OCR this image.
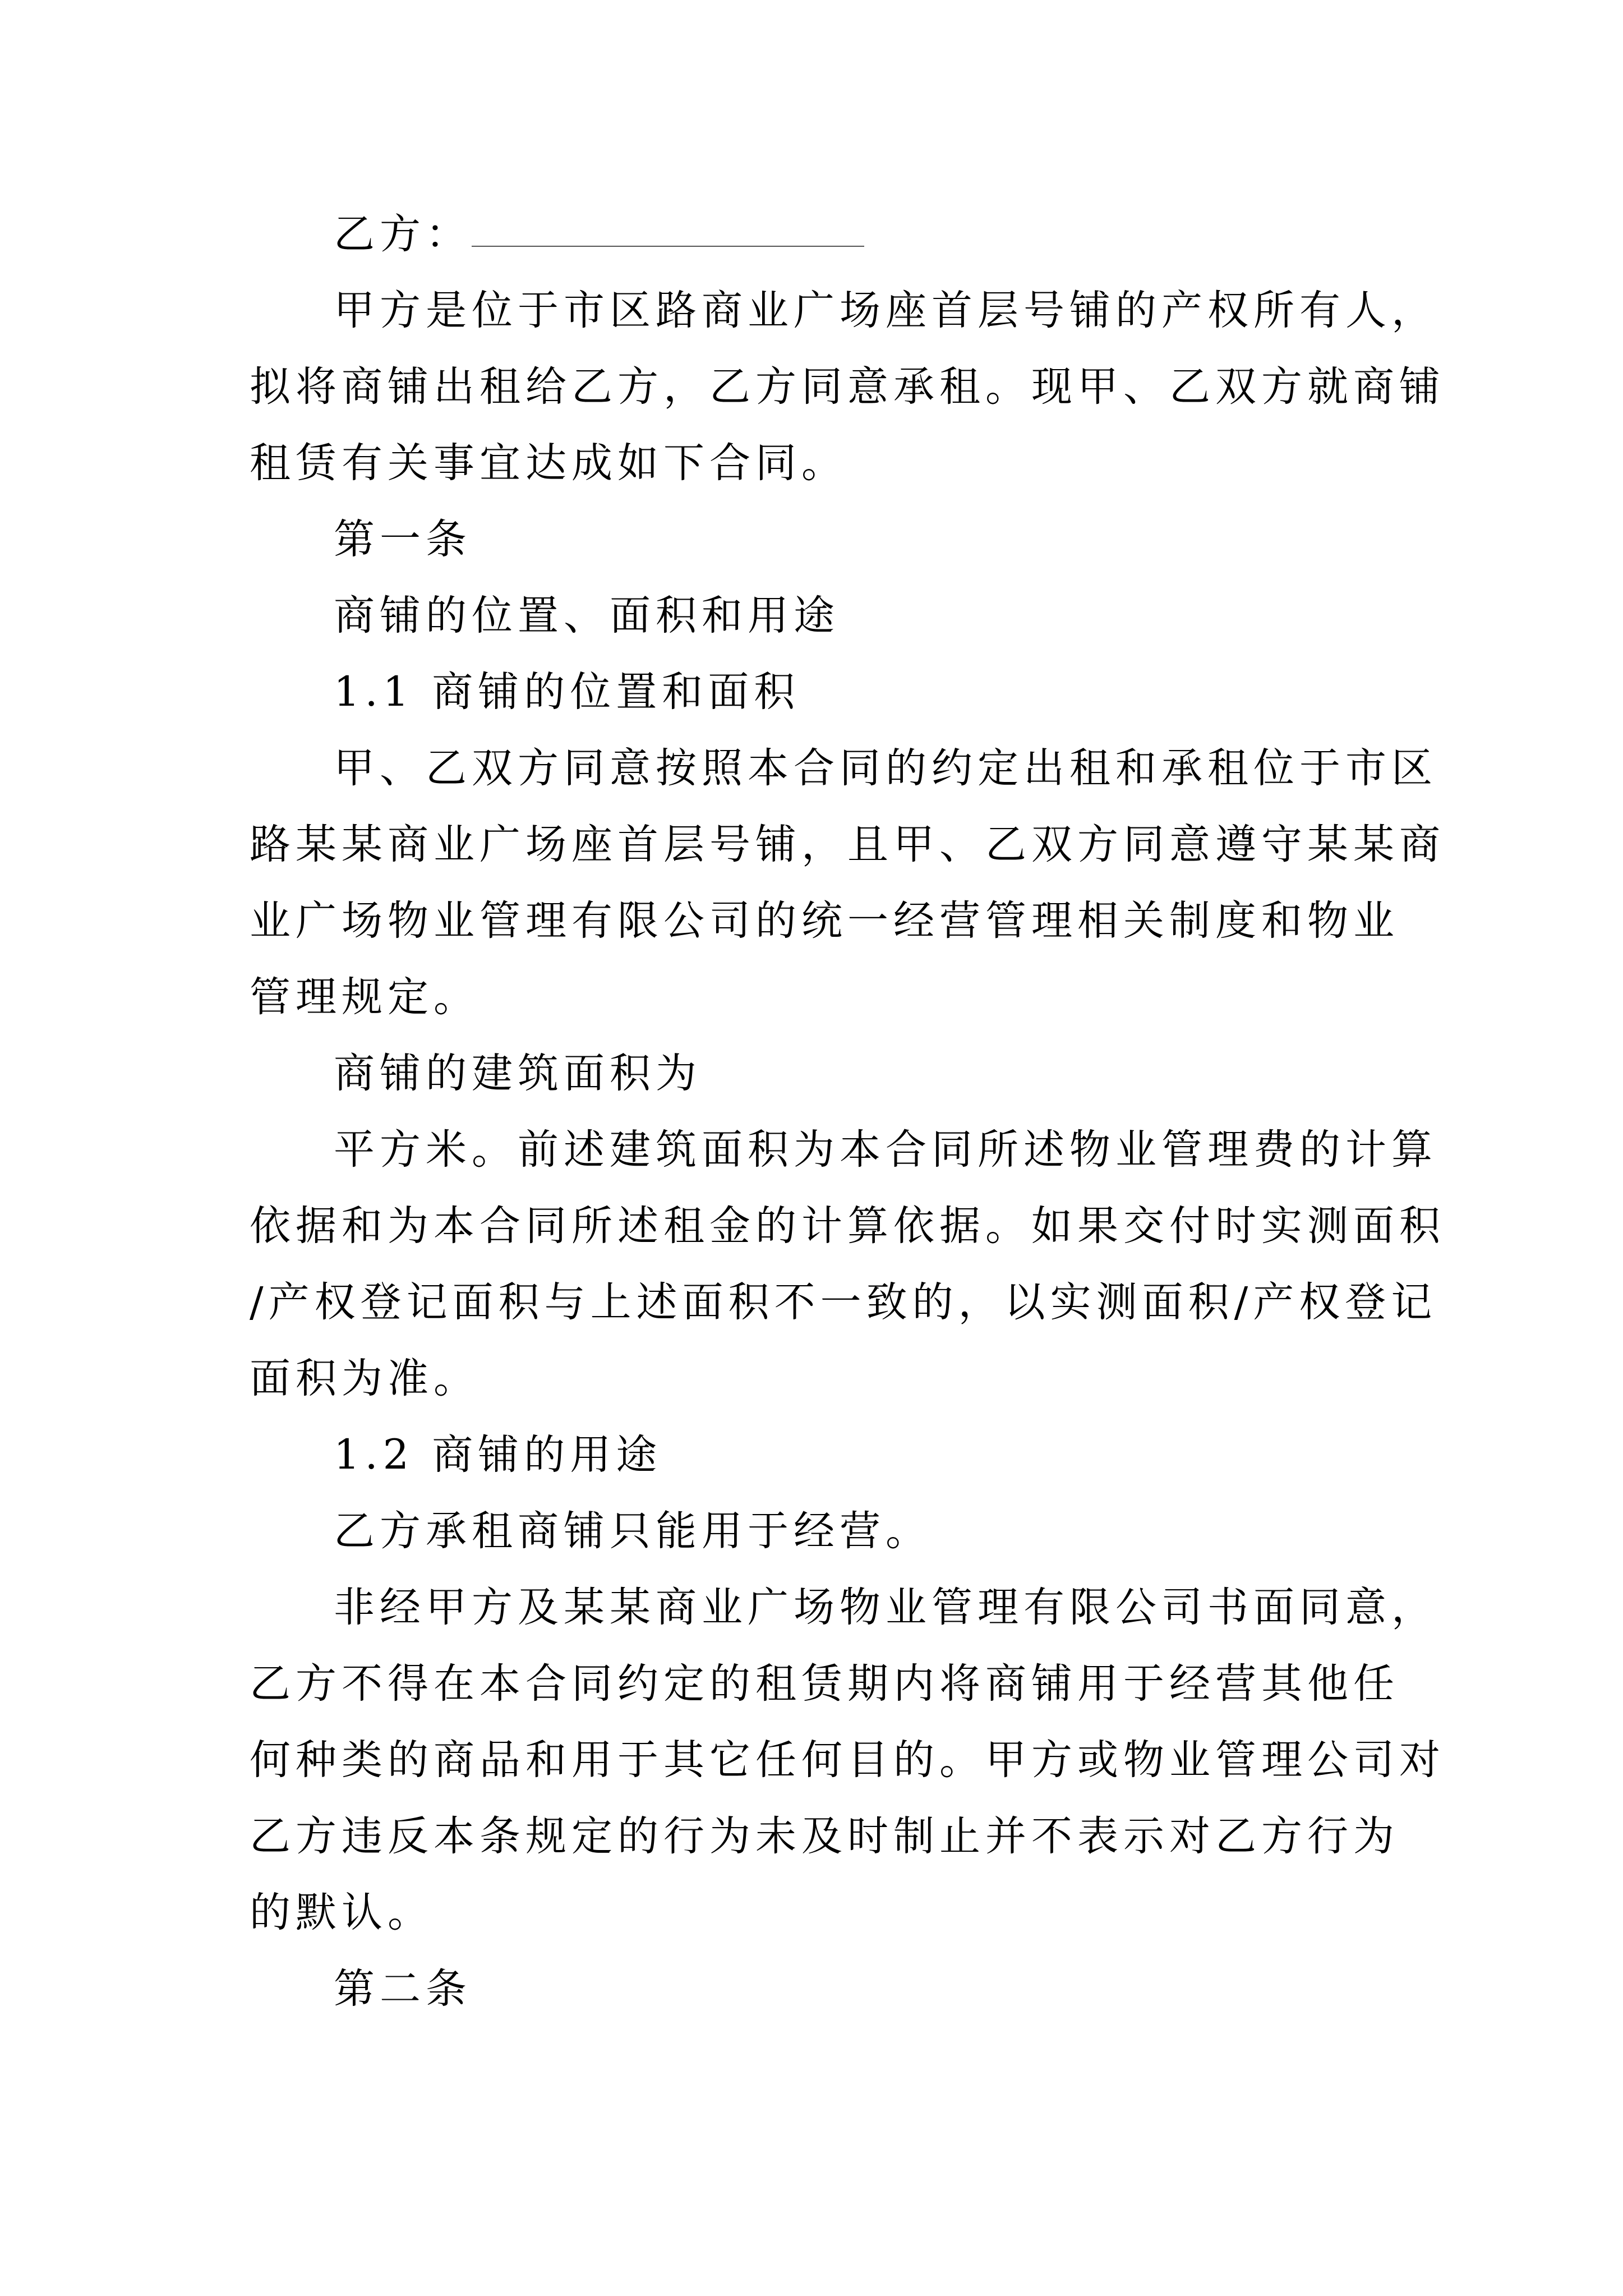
乙方：

甲方是位于市区路商业广场座首层号铺的产权所有人，

拟将商铺出租给乙方，乙方同意承租。现甲、乙双方就商铺

租赁有关事宜达成如下合同。

第一条

商铺的位置、面积和用途

1.1 商铺的位置和面积

甲、乙双方同意按照本合同的约定出租和承租位于市区

路某某商业广场座首层号铺，且甲、乙双方同意遵守某某商

业广场物业管理有限公司的统一经营管理相关制度和物业

管理规定。

商铺的建筑面积为

平方米。前述建筑面积为本合同所述物业管理费的计算

依据和为本合同所述租金的计算依据。如果交付时实测面积

/产权登记面积与上述面积不一致的，以实测面积/产权登记

面积为准。

1.2 商铺的用途

乙方承租商铺只能用于经营。

非经甲方及某某商业广场物业管理有限公司书面同意，

乙方不得在本合同约定的租赁期内将商铺用于经营其他任

何种类的商品和用于其它任何目的。甲方或物业管理公司对

乙方违反本条规定的行为未及时制止并不表示对乙方行为

的默认。

第二条
